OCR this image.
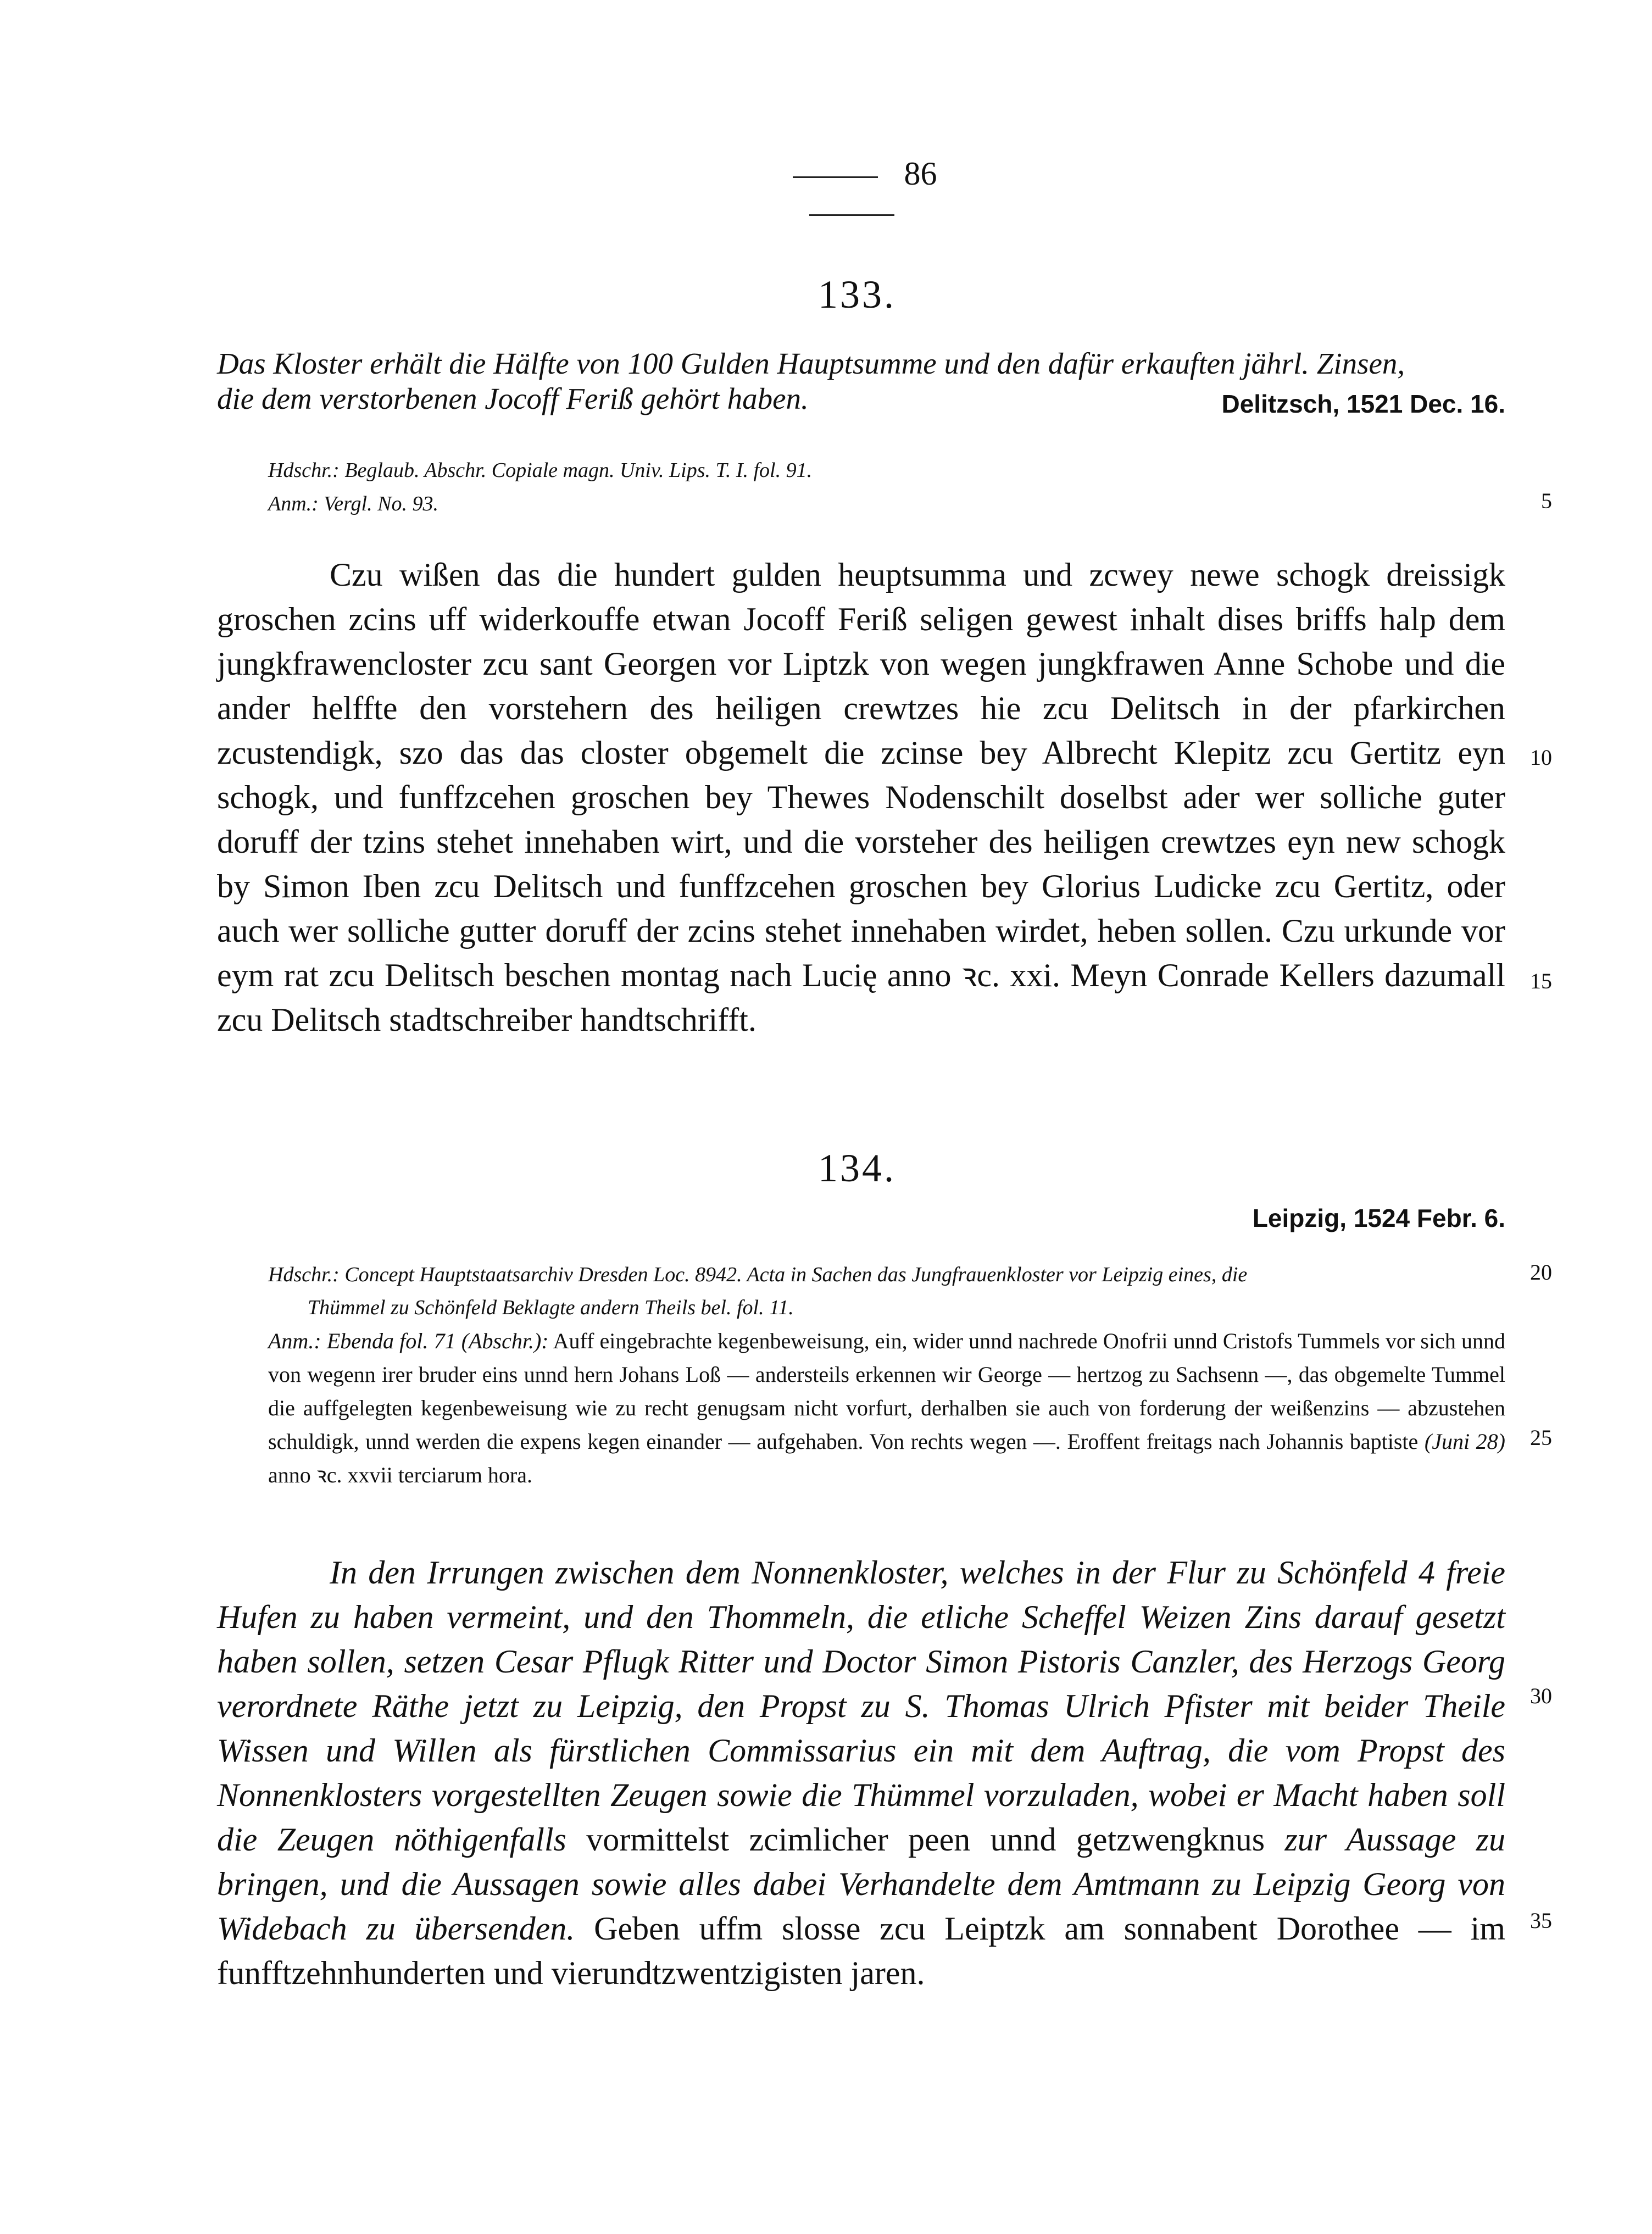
86
133.
Das Kloster erhält die Hälfte von 100 Gulden Hauptsumme und den dafür erkauften jährl. Zinsen,
die dem verstorbenen Jocoff Feriß gehört haben.	Delitzsch, 1521 Dec. 16.
Hdschr.: Beglaub. Abschr. Copiale magn. Univ. Lips. T. I. fol. 91.
Anm.: Vergl. No. 93.	5

Czu wißen das die hundert gulden heuptsumma und zcwey newe schogk dreissigk groschen zcins uff widerkouffe etwan Jocoff Feriß seligen gewest inhalt dises briffs halp dem jungkfrawencloster zcu sant Georgen vor Liptzk von wegen jungkfrawen Anne Schobe und die ander helffte den vorstehern des heiligen crewtzes hie zcu Delitsch in der pfarkirchen zcustendigk, szo das das closter obgemelt die zcinse bey Albrecht Klepitz zcu Gertitz eyn schogk, und funffzcehen groschen bey Thewes Nodenschilt doselbst ader wer solliche guter doruff der tzins stehet innehaben wirt, und die vorsteher des heiligen crewtzes eyn new schogk by Simon Iben zcu Delitsch und funffzcehen groschen bey Glorius Ludicke zcu Gertitz, oder auch wer solliche gutter doruff der zcins stehet innehaben wirdet, heben sollen. Czu urkunde vor eym rat zcu Delitsch beschen montag nach Lucię anno ꝛc. xxi. Meyn Conrade Kellers dazumall zcu Delitsch stadtschreiber handtschrifft.

10
15
134.
Leipzig, 1524 Febr. 6.
Hdschr.: Concept Hauptstaatsarchiv Dresden Loc. 8942. Acta in Sachen das Jungfrauenkloster vor Leipzig eines, die
Thümmel zu Schönfeld Beklagte andern Theils bel. fol. 11.
20
Anm.: Ebenda fol. 71 (Abschr.): Auff eingebrachte kegenbeweisung, ein, wider unnd nachrede Onofrii unnd Cristofs Tummels vor sich unnd von wegenn irer bruder eins unnd hern Johans Loß — andersteils erkennen wir George — hertzog zu Sachsenn —, das obgemelte Tummel die auffgelegten kegenbeweisung wie zu recht genugsam nicht vorfurt, derhalben sie auch von forderung der weißenzins — abzustehen schuldigk, unnd werden die expens kegen einander — aufgehaben. Von rechts wegen —. Eroffent freitags nach Johannis baptiste (Juni 28) anno ꝛc. xxvii terciarum hora.
25

In den Irrungen zwischen dem Nonnenkloster, welches in der Flur zu Schönfeld 4 freie Hufen zu haben vermeint, und den Thommeln, die etliche Scheffel Weizen Zins darauf gesetzt haben sollen, setzen Cesar Pflugk Ritter und Doctor Simon Pistoris Canzler, des Herzogs Georg verordnete Räthe jetzt zu Leipzig, den Propst zu S. Thomas Ulrich Pfister mit beider Theile Wissen und Willen als fürstlichen Commissarius ein mit dem Auftrag, die vom Propst des Nonnenklosters vorgestellten Zeugen sowie die Thümmel vorzuladen, wobei er Macht haben soll die Zeugen nöthigenfalls vormittelst zcimlicher peen unnd getzwengknus zur Aussage zu bringen, und die Aussagen sowie alles dabei Verhandelte dem Amtmann zu Leipzig Georg von Widebach zu übersenden. Geben uffm slosse zcu Leiptzk am sonnabent Dorothee — im funfftzehnhunderten und vierundtzwentzigisten jaren.

30
35
